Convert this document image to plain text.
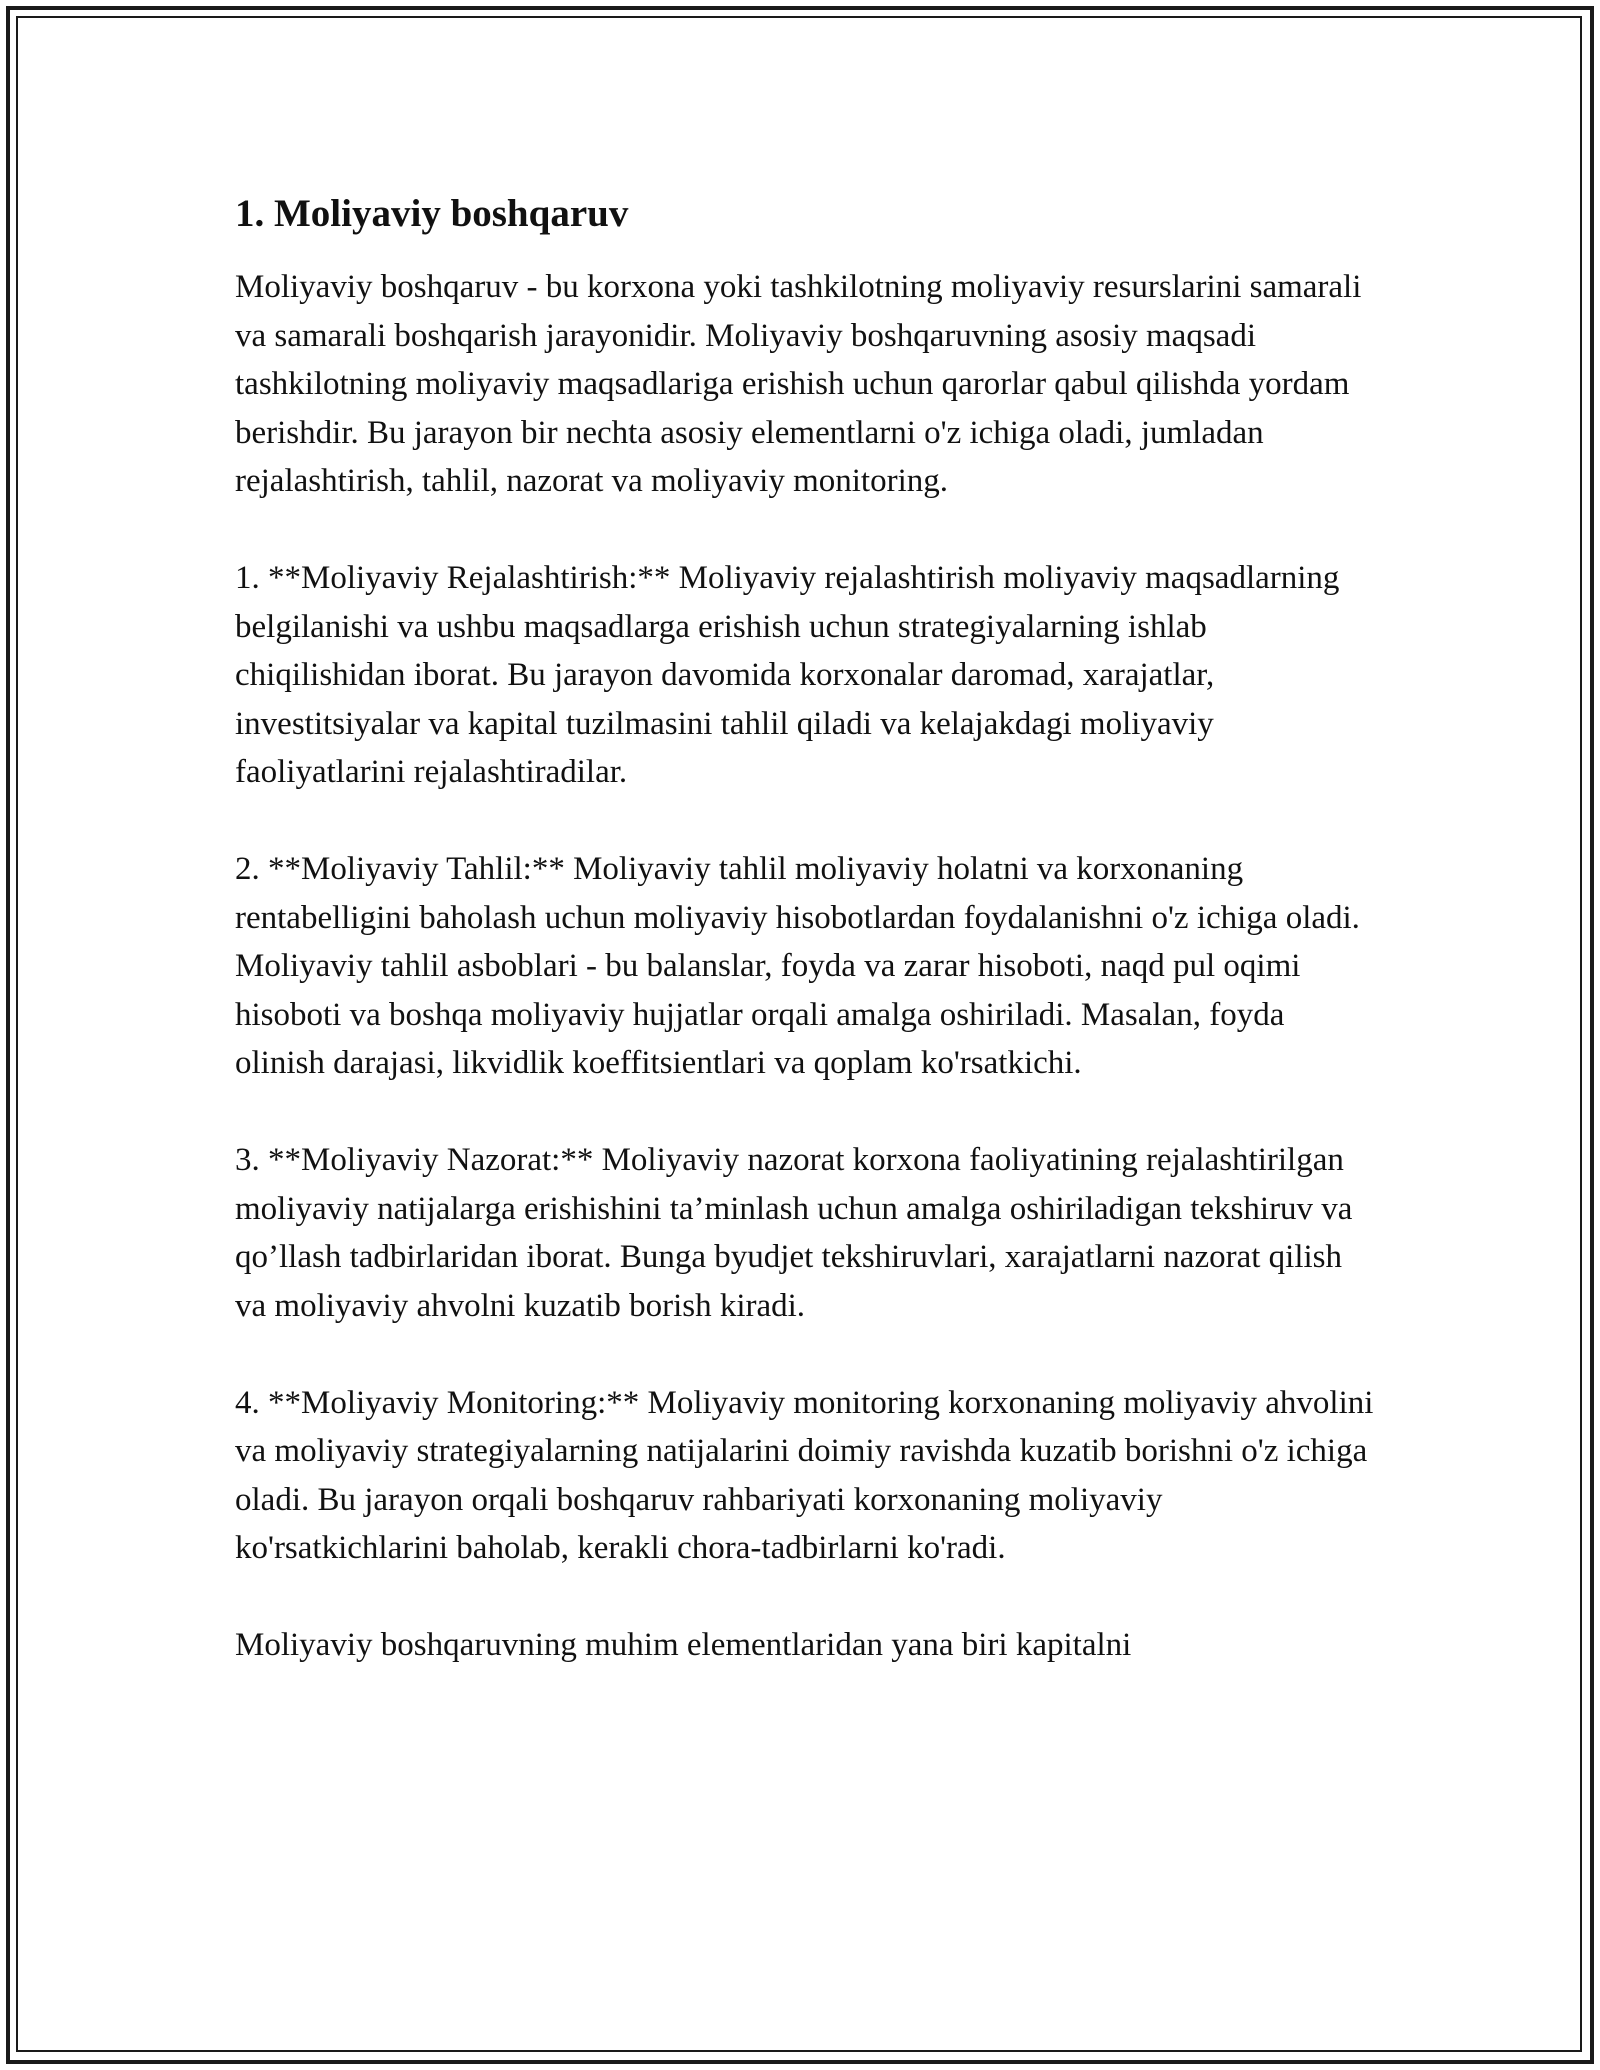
1. Moliyaviy boshqaruv

Moliyaviy boshqaruv - bu korxona yoki tashkilotning moliyaviy resurslarini samarali va samarali boshqarish jarayonidir. Moliyaviy boshqaruvning asosiy maqsadi tashkilotning moliyaviy maqsadlariga erishish uchun qarorlar qabul qilishda yordam berishdir. Bu jarayon bir nechta asosiy elementlarni o'z ichiga oladi, jumladan rejalashtirish, tahlil, nazorat va moliyaviy monitoring.

1. **Moliyaviy Rejalashtirish:** Moliyaviy rejalashtirish moliyaviy maqsadlarning belgilanishi va ushbu maqsadlarga erishish uchun strategiyalarning ishlab chiqilishidan iborat. Bu jarayon davomida korxonalar daromad, xarajatlar, investitsiyalar va kapital tuzilmasini tahlil qiladi va kelajakdagi moliyaviy faoliyatlarini rejalashtiradilar.

2. **Moliyaviy Tahlil:** Moliyaviy tahlil moliyaviy holatni va korxonaning rentabelligini baholash uchun moliyaviy hisobotlardan foydalanishni o'z ichiga oladi. Moliyaviy tahlil asboblari - bu balanslar, foyda va zarar hisoboti, naqd pul oqimi hisoboti va boshqa moliyaviy hujjatlar orqali amalga oshiriladi. Masalan, foyda olinish darajasi, likvidlik koeffitsientlari va qoplam ko'rsatkichi.

3. **Moliyaviy Nazorat:** Moliyaviy nazorat korxona faoliyatining rejalashtirilgan moliyaviy natijalarga erishishini ta’minlash uchun amalga oshiriladigan tekshiruv va qo’llash tadbirlaridan iborat. Bunga byudjet tekshiruvlari, xarajatlarni nazorat qilish va moliyaviy ahvolni kuzatib borish kiradi.

4. **Moliyaviy Monitoring:** Moliyaviy monitoring korxonaning moliyaviy ahvolini va moliyaviy strategiyalarning natijalarini doimiy ravishda kuzatib borishni o'z ichiga oladi. Bu jarayon orqali boshqaruv rahbariyati korxonaning moliyaviy ko'rsatkichlarini baholab, kerakli chora-tadbirlarni ko'radi.

Moliyaviy boshqaruvning muhim elementlaridan yana biri kapitalni
